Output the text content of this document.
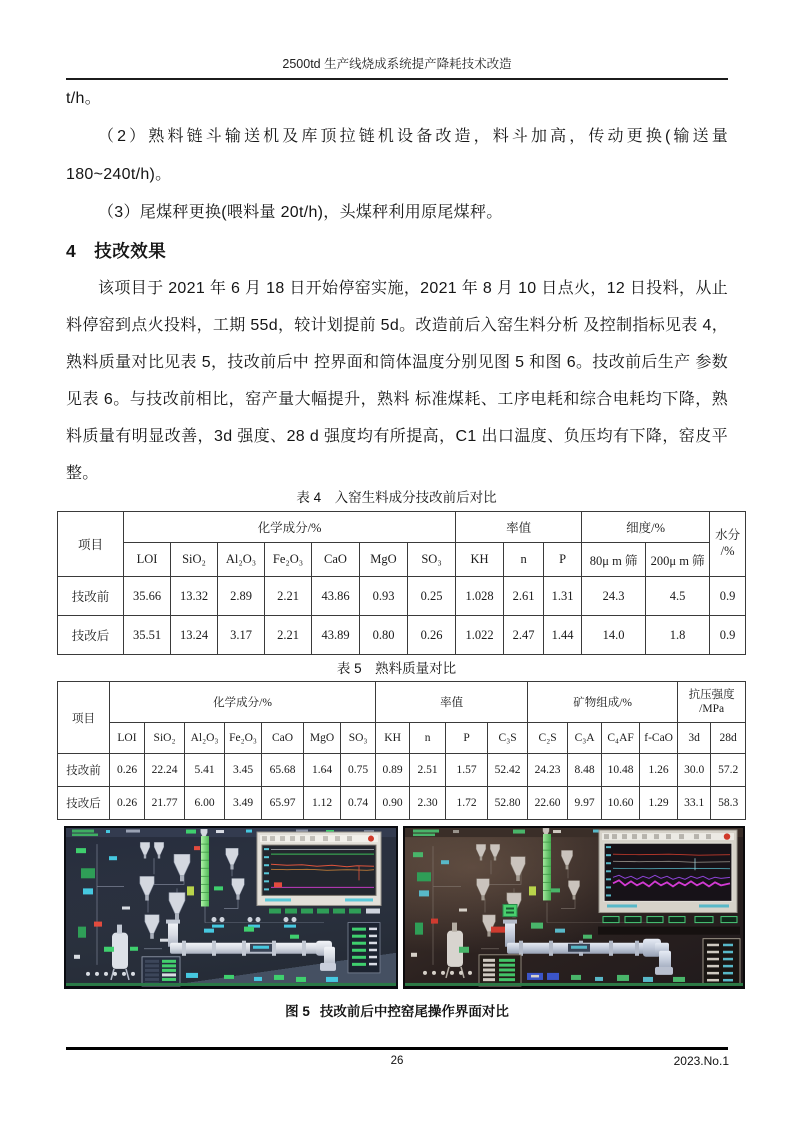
2500td 生产线烧成系统提产降耗技术改造

t/h。

（2）熟料链斗输送机及库顶拉链机设备改造，料斗加高，传动更换(输送量180~240t/h)。

（3）尾煤秤更换(喂料量 20t/h)，头煤秤利用原尾煤秤。

4　技改效果

该项目于 2021 年 6 月 18 日开始停窑实施，2021 年 8 月 10 日点火，12 日投料，从止料停窑到点火投料，工期 55d，较计划提前 5d。改造前后入窑生料分析 及控制指标见表 4，熟料质量对比见表 5，技改前后中 控界面和筒体温度分别见图 5 和图 6。技改前后生产 参数见表 6。与技改前相比，窑产量大幅提升，熟料 标准煤耗、工序电耗和综合电耗均下降，熟料质量有明显改善，3d 强度、28 d 强度均有所提高，C1 出口温度、负压均有下降，窑皮平整。

表 4　入窑生料成分技改前后对比
项目	化学成分/%							率值			细度/%		水分
/%

	LOI	SiO₂	Al₂O₃	Fe₂O₃	CaO	MgO	SO₃	KH	n	P	80μ m 筛	200μ m 筛	
技改前	35.66	13.32	2.89	2.21	43.86	0.93	0.25	1.028	2.61	1.31	24.3	4.5	0.9
技改后	35.51	13.24	3.17	2.21	43.89	0.80	0.26	1.022	2.47	1.44	14.0	1.8	0.9
表 5　熟料质量对比
项目	化学成分/%							率值				矿物组成/%				抗压强度
/MPa	

	LOI	SiO₂	Al₂O₃	Fe₂O₃	CaO	MgO	SO₃	KH	n	P	C₃S	C₂S	C₃A	C₄AF	f-CaO	3d	28d
技改前	0.26	22.24	5.41	3.45	65.68	1.64	0.75	0.89	2.51	1.57	52.42	24.23	8.48	10.48	1.26	30.0	57.2
技改后	0.26	21.77	6.00	3.49	65.97	1.12	0.74	0.90	2.30	1.72	52.80	22.60	9.97	10.60	1.29	33.1	58.3
图 5 技改前后中控窑尾操作界面对比
26	2023.No.1
